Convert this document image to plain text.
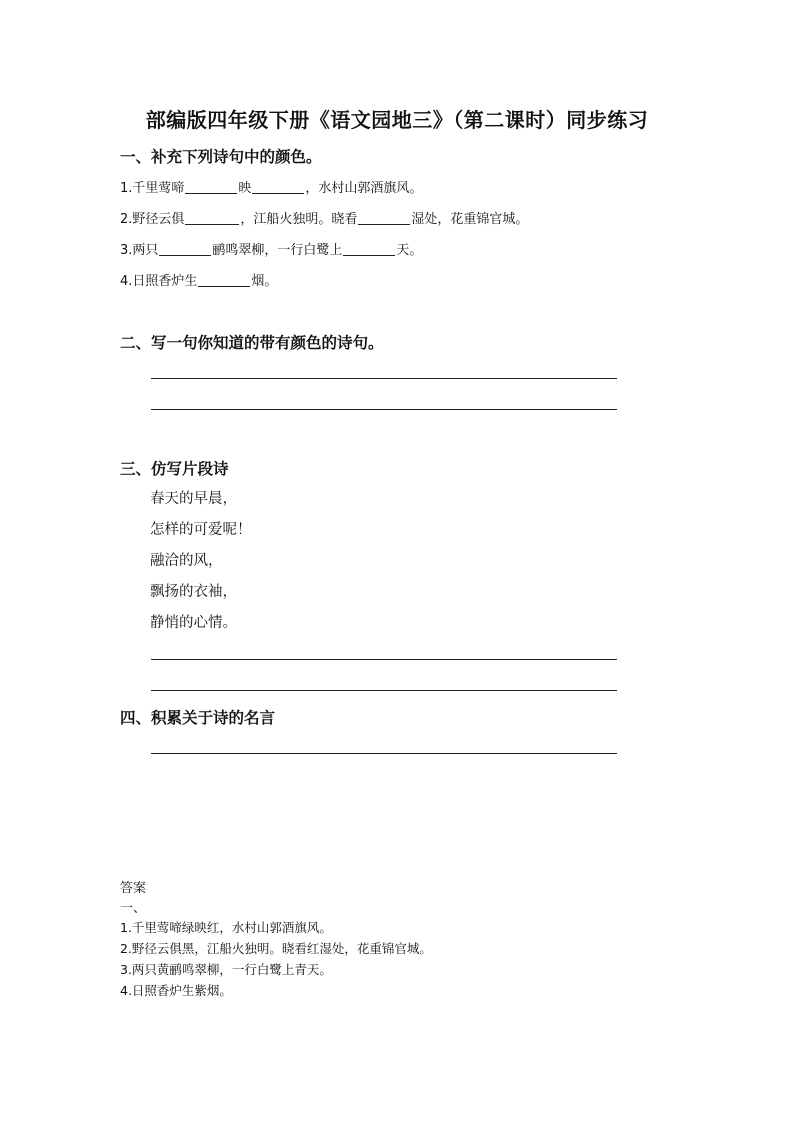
部编版四年级下册《语文园地三》（第二课时）同步练习
一、补充下列诗句中的颜色。
1.千里莺啼	映	，水村山郭酒旗风。
2.野径云俱	，江船火独明。晓看	湿处，花重锦官城。
3.两只	鹂鸣翠柳，一行白鹭上	天。
4.日照香炉生	烟。
二、写一句你知道的带有颜色的诗句。
三、仿写片段诗
春天的早晨，
怎样的可爱呢！
融洽的风，
飘扬的衣袖，
静悄的心情。
四、积累关于诗的名言
答案
一、
1.千里莺啼绿映红，水村山郭酒旗风。
2.野径云俱黑，江船火独明。晓看红湿处，花重锦官城。
3.两只黄鹂鸣翠柳，一行白鹭上青天。
4.日照香炉生紫烟。
